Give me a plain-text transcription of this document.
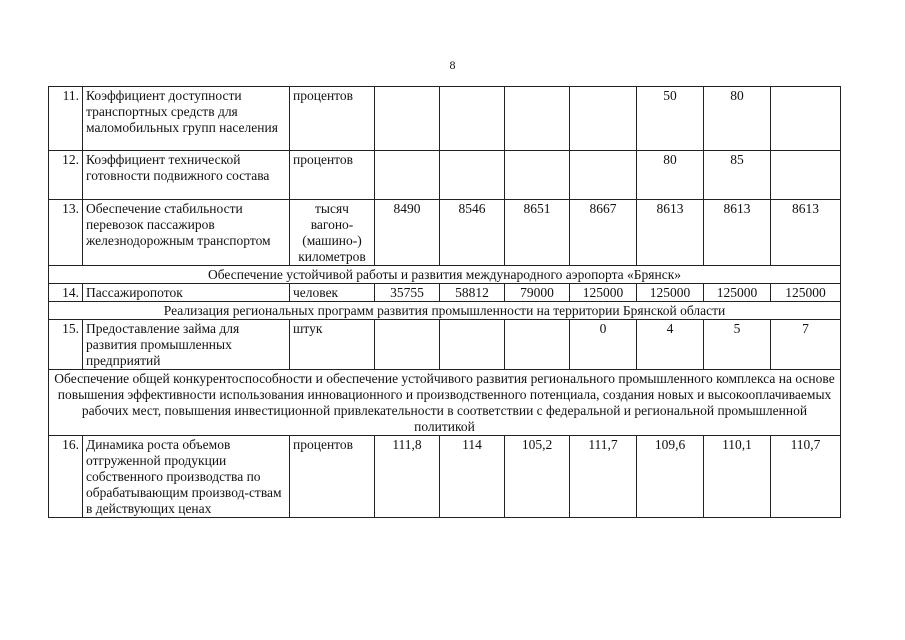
8
11.	Коэффициент доступности транспортных средств для маломобильных групп населения	процентов					50	80	
12.	Коэффициент технической готовности подвижного состава	процентов					80	85	
13.	Обеспечение стабильности перевозок пассажиров железнодорожным транспортом	тысяч вагоно-(машино-) километров	8490	8546	8651	8667	8613	8613	8613
Обеспечение устойчивой работы и развития международного аэропорта «Брянск»									
14.	Пассажиропоток	человек	35755	58812	79000	125000	125000	125000	125000
Реализация региональных программ развития промышленности на территории Брянской области									
15.	Предоставление займа для развития промышленных предприятий	штук				0	4	5	7
Обеспечение общей конкурентоспособности и обеспечение устойчивого развития регионального промышленного комплекса на основе повышения эффективности использования инновационного и производственного потенциала, создания новых и высокооплачиваемых рабочих мест, повышения инвестиционной привлекательности в соответствии с федеральной и региональной промышленной политикой									
16.	Динамика роста объемов отгруженной продукции собственного производства по обрабатывающим производ-ствам в действующих ценах	процентов	111,8	114	105,2	111,7	109,6	110,1	110,7
